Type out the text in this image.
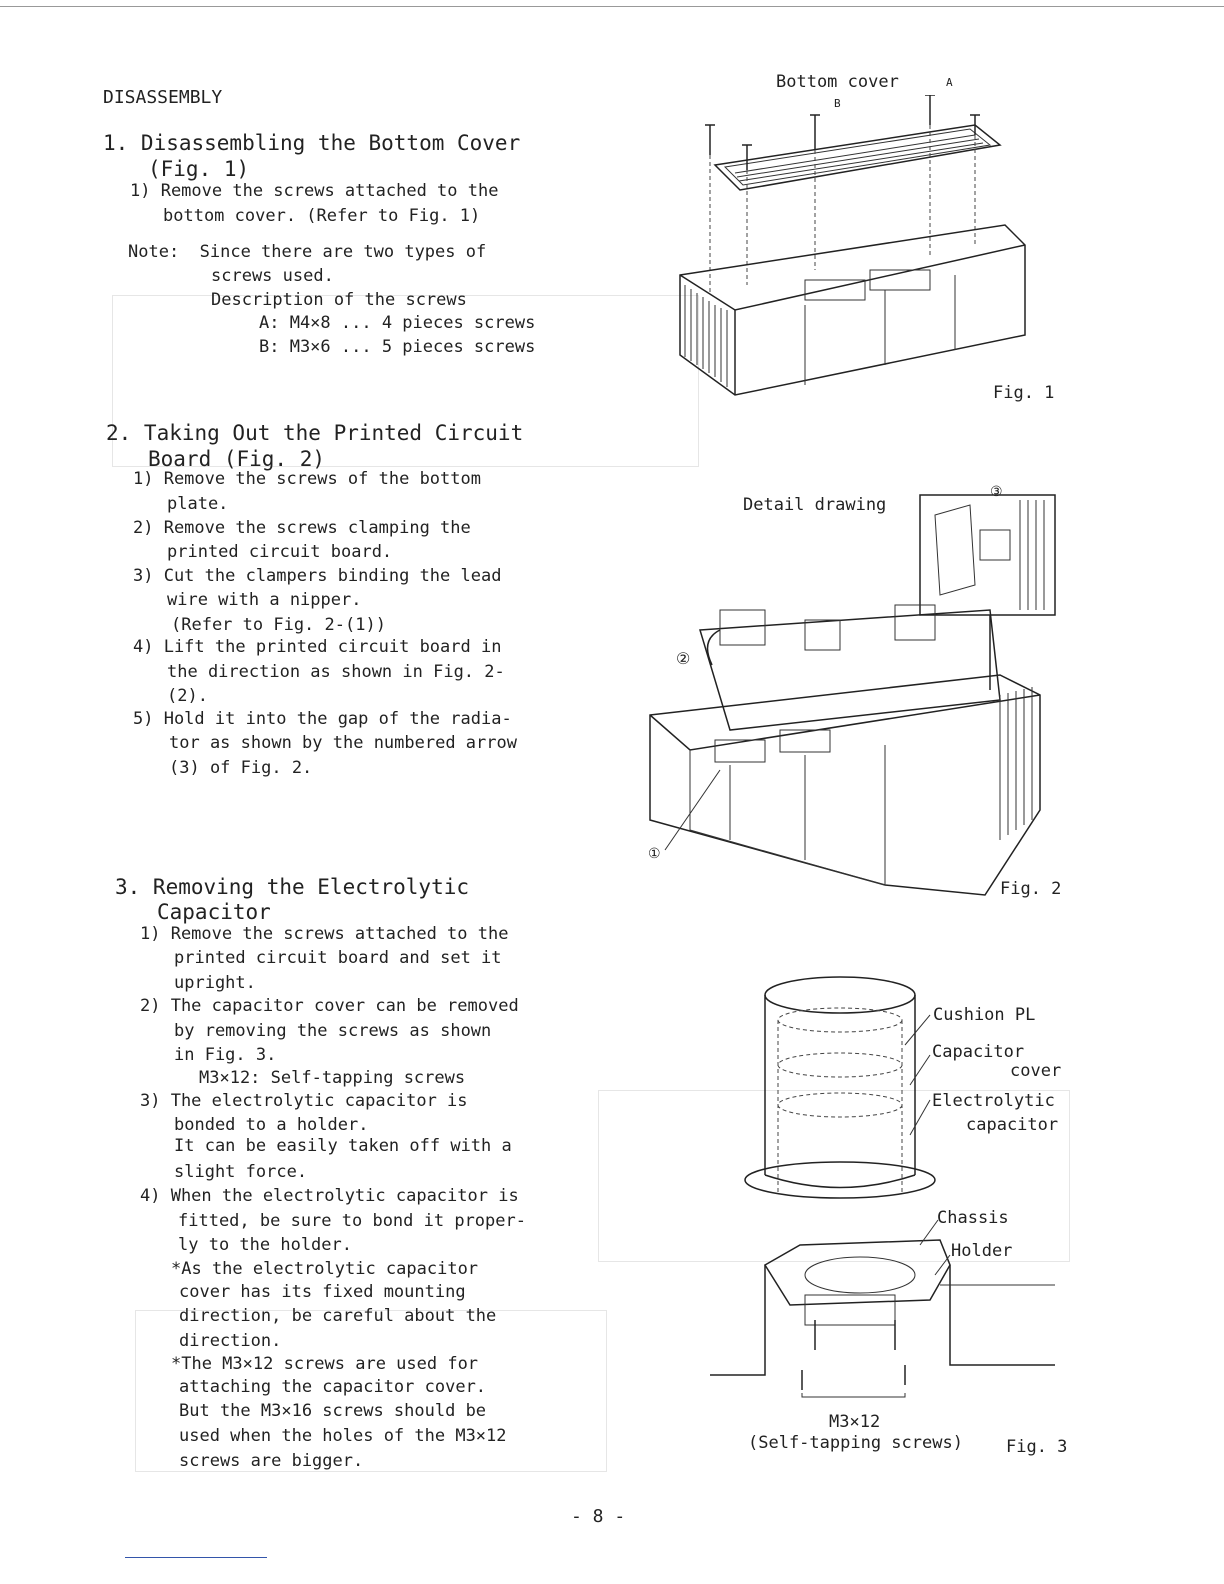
DISASSEMBLY
1. Disassembling the Bottom Cover
(Fig. 1)
1) Remove the screws attached to the
bottom cover. (Refer to Fig. 1)
Note:  Since there are two types of
screws used.
Description of the screws
A: M4×8 ... 4 pieces screws
B: M3×6 ... 5 pieces screws
2. Taking Out the Printed Circuit
Board (Fig. 2)
1) Remove the screws of the bottom
plate.
2) Remove the screws clamping the
printed circuit board.
3) Cut the clampers binding the lead
wire with a nipper.
(Refer to Fig. 2-(1))
4) Lift the printed circuit board in
the direction as shown in Fig. 2-
(2).
5) Hold it into the gap of the radia-
tor as shown by the numbered arrow
(3) of Fig. 2.
3. Removing the Electrolytic
Capacitor
1) Remove the screws attached to the
printed circuit board and set it
upright.
2) The capacitor cover can be removed
by removing the screws as shown
in Fig. 3.
M3×12: Self-tapping screws
3) The electrolytic capacitor is
bonded to a holder.
It can be easily taken off with a
slight force.
4) When the electrolytic capacitor is
fitted, be sure to bond it proper-
ly to the holder.
*As the electrolytic capacitor
cover has its fixed mounting
direction, be careful about the
direction.
*The M3×12 screws are used for
attaching the capacitor cover.
But the M3×16 screws should be
used when the holes of the M3×12
screws are bigger.
Bottom cover	A
B
Fig. 1
Detail drawing
③
②
①
Fig. 2
Cushion PL
Capacitor
cover
Electrolytic
capacitor
Chassis
Holder
M3×12
(Self-tapping screws)	Fig. 3
- 8 -
